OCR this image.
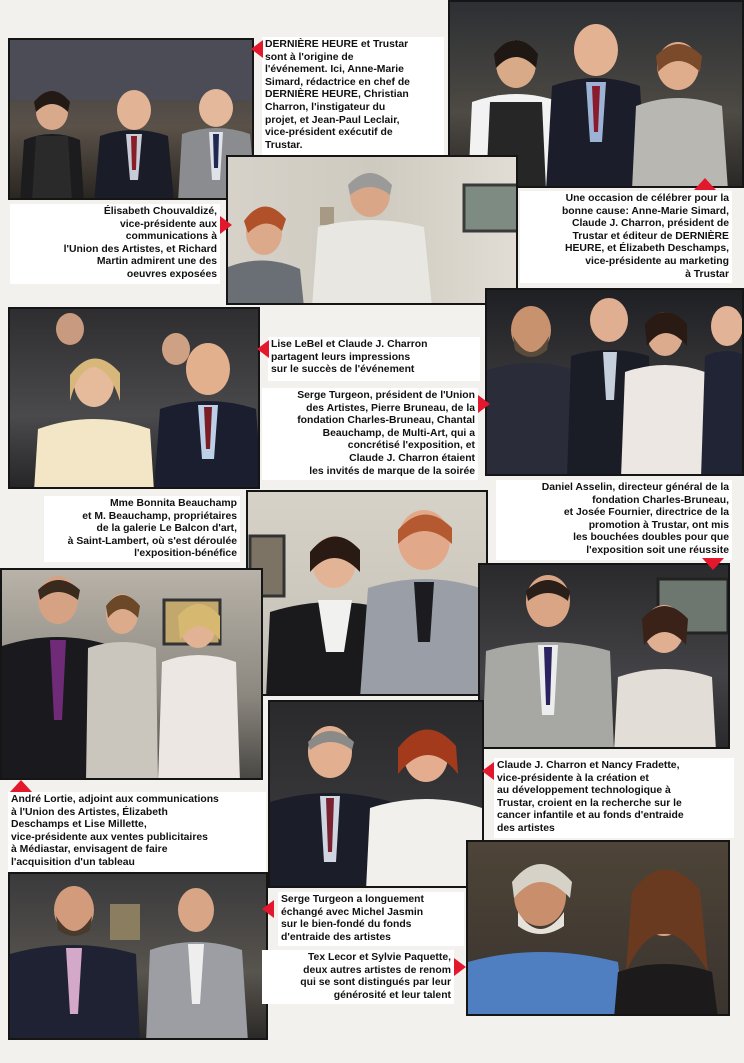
DERNIÈRE HEURE et Trustar
sont à l'origine de
l'événement. Ici, Anne-Marie
Simard, rédactrice en chef de
DERNIÈRE HEURE, Christian
Charron, l'instigateur du
projet, et Jean-Paul Leclair,
vice-président exécutif de
Trustar.
Une occasion de célébrer pour la
bonne cause: Anne-Marie Simard,
Claude J. Charron, président de
Trustar et éditeur de DERNIÈRE
HEURE, et Élizabeth Deschamps,
vice-présidente au marketing
à Trustar
Élisabeth Chouvaldizé,
vice-présidente aux
communications à
l'Union des Artistes, et Richard
Martin admirent une des
oeuvres exposées
Lise LeBel et Claude J. Charron
partagent leurs impressions
sur le succès de l'événement
Serge Turgeon, président de l'Union
des Artistes, Pierre Bruneau, de la
fondation Charles-Bruneau, Chantal
Beauchamp, de Multi-Art, qui a
concrétisé l'exposition, et
Claude J. Charron étaient
les invités de marque de la soirée
Mme Bonnita Beauchamp
et M. Beauchamp, propriétaires
de la galerie Le Balcon d'art,
à Saint-Lambert, où s'est déroulée
l'exposition-bénéfice
Daniel Asselin, directeur général de la
fondation Charles-Bruneau,
et Josée Fournier, directrice de la
promotion à Trustar, ont mis
les bouchées doubles pour que
l'exposition soit une réussite
André Lortie, adjoint aux communications
à l'Union des Artistes, Élizabeth
Deschamps et Lise Millette,
vice-présidente aux ventes publicitaires
à Médiastar, envisagent de faire
l'acquisition d'un tableau
Claude J. Charron et Nancy Fradette,
vice-présidente à la création et
au développement technologique à
Trustar, croient en la recherche sur le
cancer infantile et au fonds d'entraide
des artistes
Serge Turgeon a longuement
échangé avec Michel Jasmin
sur le bien-fondé du fonds
d'entraide des artistes
Tex Lecor et Sylvie Paquette,
deux autres artistes de renom
qui se sont distingués par leur
générosité et leur talent
